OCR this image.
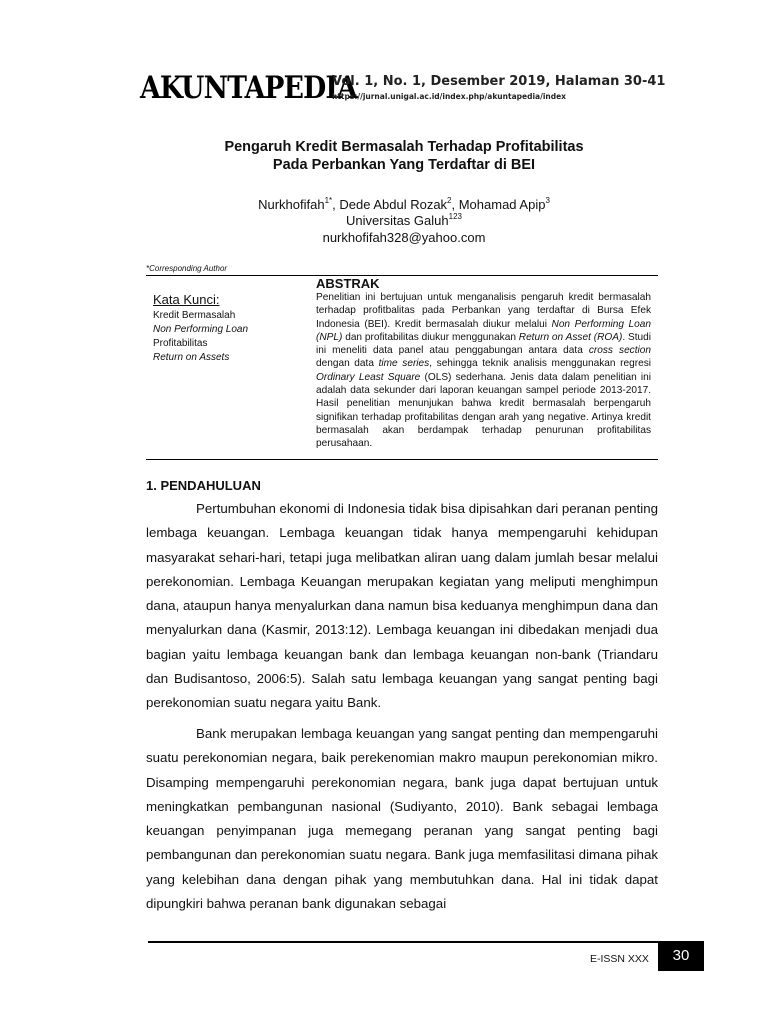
AKUNTAPEDIA
Vol. 1, No. 1, Desember 2019, Halaman 30-41
https://jurnal.unigal.ac.id/index.php/akuntapedia/index
Pengaruh Kredit Bermasalah Terhadap Profitabilitas
Pada Perbankan Yang Terdaftar di BEI
Nurkhofifah$^{1*}$, Dede Abdul Rozak$^2$, Mohamad Apip$^3$
Universitas Galuh$^{123}$
nurkhofifah328@yahoo.com
*Corresponding Author
Kata Kunci:
Kredit Bermasalah
Non Performing Loan
Profitabilitas
Return on Assets
ABSTRAK

Penelitian ini bertujuan untuk menganalisis pengaruh kredit bermasalah terhadap profitbalitas pada Perbankan yang terdaftar di Bursa Efek Indonesia (BEI). Kredit bermasalah diukur melalui Non Performing Loan (NPL) dan profitabilitas diukur menggunakan Return on Asset (ROA). Studi ini meneliti data panel atau penggabungan antara data cross section dengan data time series, sehingga teknik analisis menggunakan regresi Ordinary Least Square (OLS) sederhana. Jenis data dalam penelitian ini adalah data sekunder dari laporan keuangan sampel periode 2013-2017. Hasil penelitian menunjukan bahwa kredit bermasalah berpengaruh signifikan terhadap profitabilitas dengan arah yang negative. Artinya kredit bermasalah akan berdampak terhadap penurunan profitabilitas perusahaan.

1. PENDAHULUAN

Pertumbuhan ekonomi di Indonesia tidak bisa dipisahkan dari peranan penting lembaga keuangan. Lembaga keuangan tidak hanya mempengaruhi kehidupan masyarakat sehari-hari, tetapi juga melibatkan aliran uang dalam jumlah besar melalui perekonomian. Lembaga Keuangan merupakan kegiatan yang meliputi menghimpun dana, ataupun hanya menyalurkan dana namun bisa keduanya menghimpun dana dan menyalurkan dana (Kasmir, 2013:12). Lembaga keuangan ini dibedakan menjadi dua bagian yaitu lembaga keuangan bank dan lembaga keuangan non-bank (Triandaru dan Budisantoso, 2006:5). Salah satu lembaga keuangan yang sangat penting bagi perekonomian suatu negara yaitu Bank.

Bank merupakan lembaga keuangan yang sangat penting dan mempengaruhi suatu perekonomian negara, baik perekenomian makro maupun perekonomian mikro. Disamping mempengaruhi perekonomian negara, bank juga dapat bertujuan untuk meningkatkan pembangunan nasional (Sudiyanto, 2010). Bank sebagai lembaga keuangan penyimpanan juga memegang peranan yang sangat penting bagi pembangunan dan perekonomian suatu negara. Bank juga memfasilitasi dimana pihak yang kelebihan dana dengan pihak yang membutuhkan dana. Hal ini tidak dapat dipungkiri bahwa peranan bank digunakan sebagai

E-ISSN XXX	30
